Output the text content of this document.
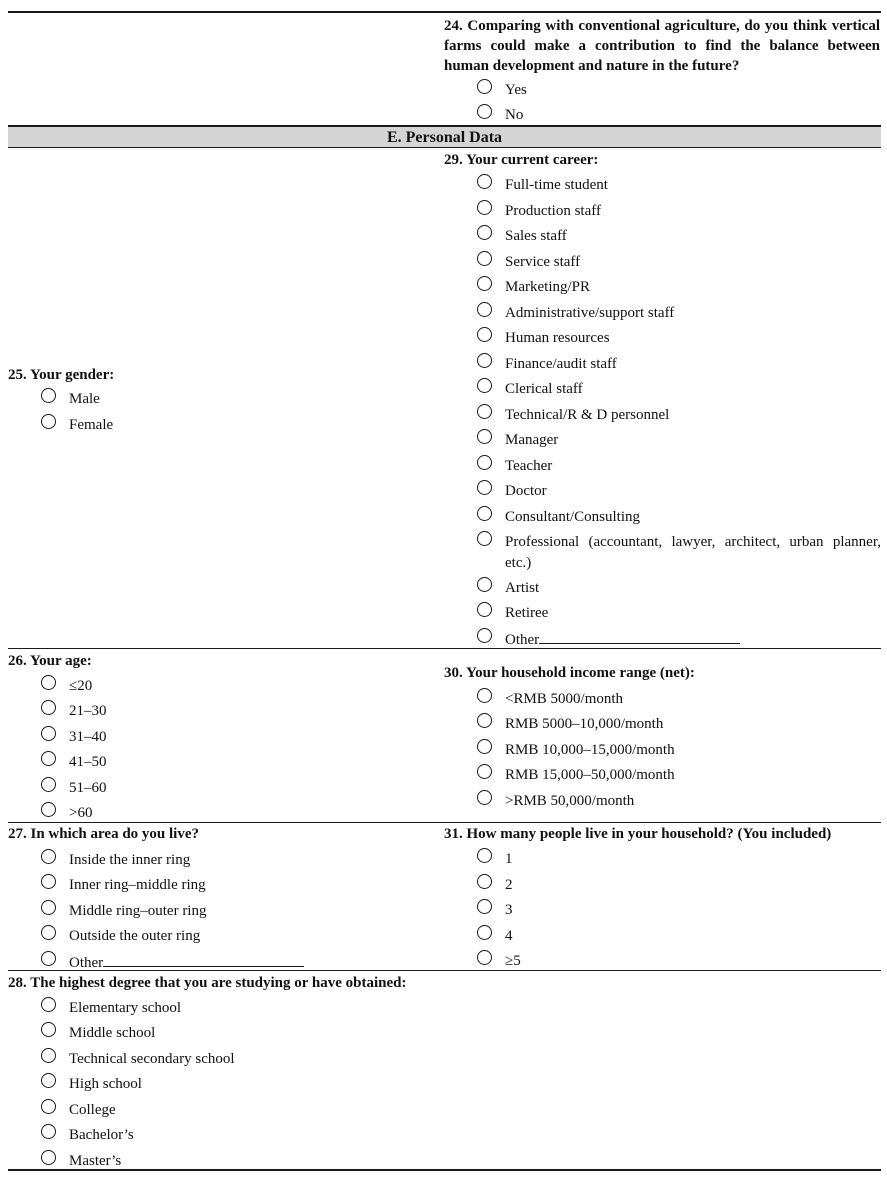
E. Personal Data
24. Comparing with conventional agriculture, do you think vertical farms could make a contribution to find the balance between human development and nature in the future?
Yes
No
25. Your gender:
Male
Female
29. Your current career:
Full-time student
Production staff
Sales staff
Service staff
Marketing/PR
Administrative/support staff
Human resources
Finance/audit staff
Clerical staff
Technical/R & D personnel
Manager
Teacher
Doctor
Consultant/Consulting
Professional (accountant, lawyer, architect, urban planner, etc.)
Artist
Retiree
Other
26. Your age:
≤20
21–30
31–40
41–50
51–60
>60
30. Your household income range (net):
<RMB 5000/month
RMB 5000–10,000/month
RMB 10,000–15,000/month
RMB 15,000–50,000/month
>RMB 50,000/month
27. In which area do you live?
Inside the inner ring
Inner ring–middle ring
Middle ring–outer ring
Outside the outer ring
Other
31. How many people live in your household? (You included)
1
2
3
4
≥5
28. The highest degree that you are studying or have obtained:
Elementary school
Middle school
Technical secondary school
High school
College
Bachelor’s
Master’s
